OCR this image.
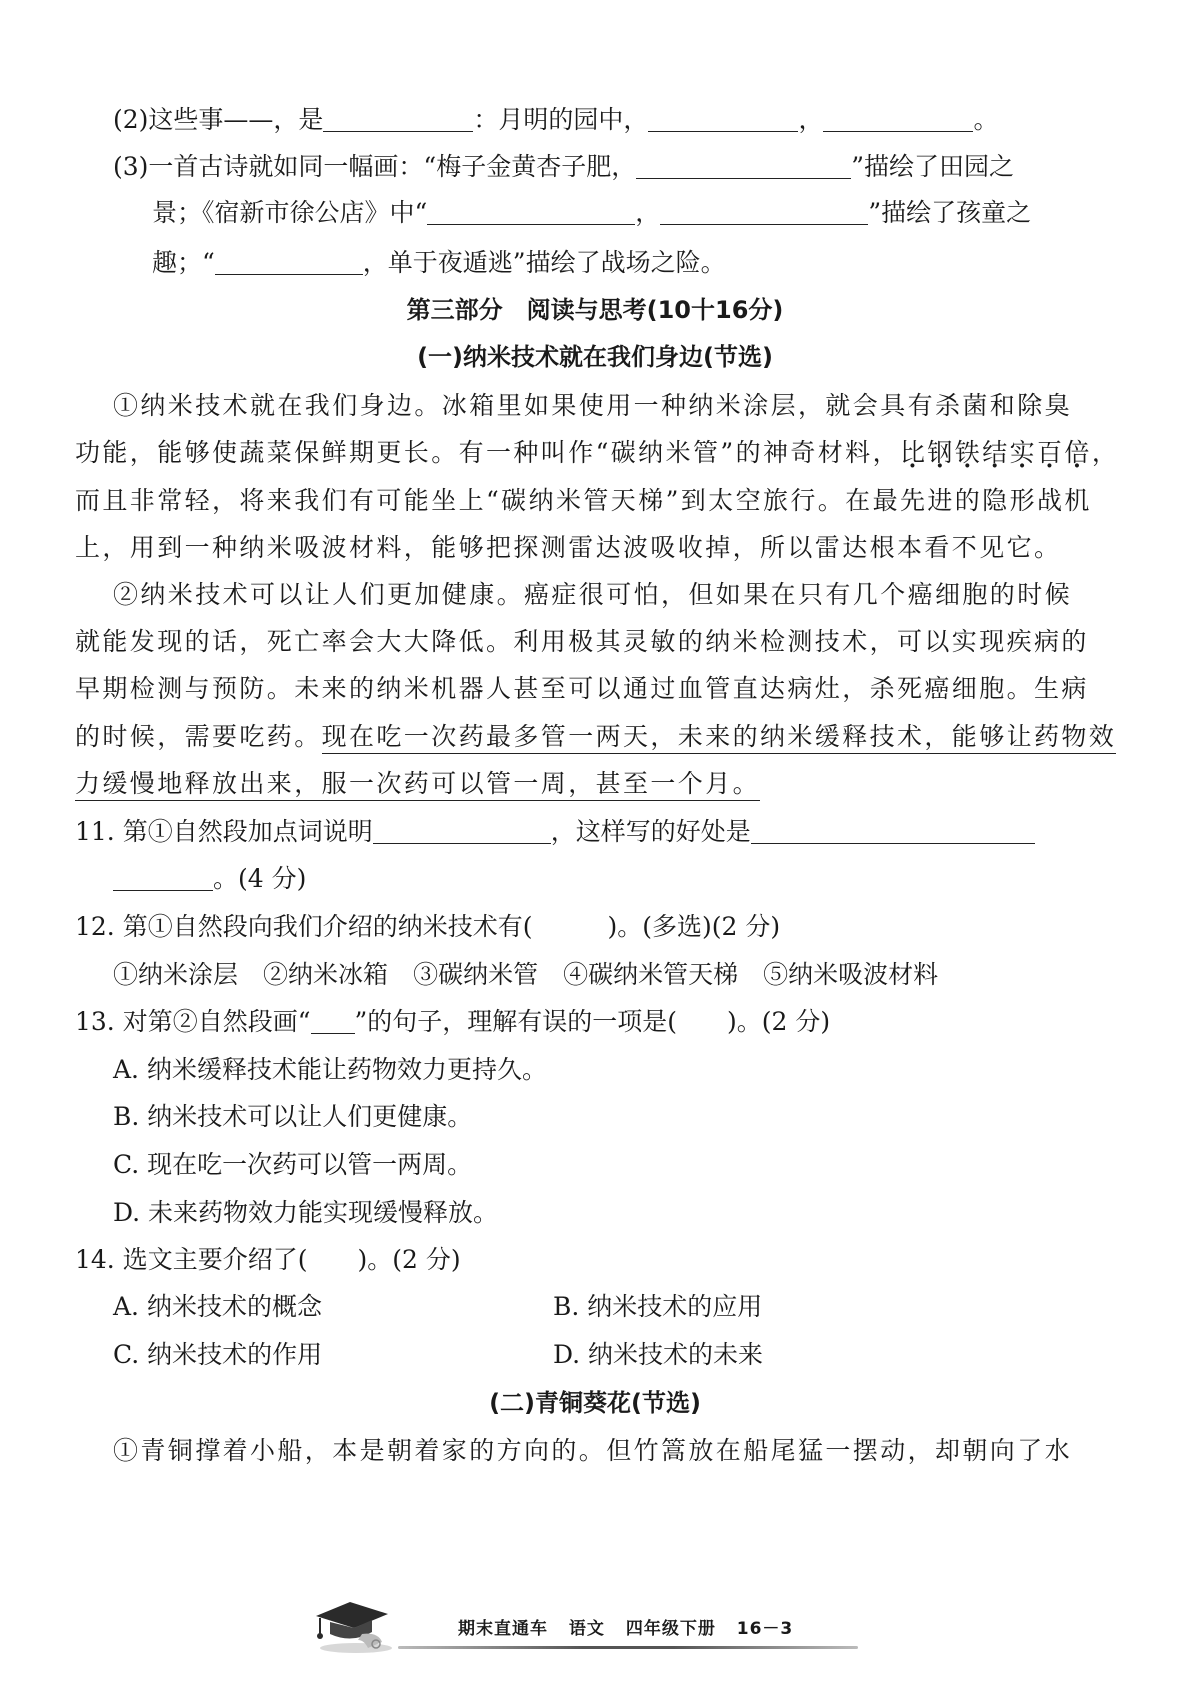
(2)这些事——，是	：月明的园中，	，	。
(3)一首古诗就如同一幅画：“梅子金黄杏子肥，	”描绘了田园之
景；《宿新市徐公店》中“	，	”描绘了孩童之
趣；“	，单于夜遁逃”描绘了战场之险。
第三部分　阅读与思考(10十16分)
(一)纳米技术就在我们身边(节选)
①纳米技术就在我们身边。冰箱里如果使用一种纳米涂层，就会具有杀菌和除臭
功能，能够使蔬菜保鲜期更长。有一种叫作“碳纳米管”的神奇材料，比钢铁结实百倍，
而且非常轻，将来我们有可能坐上“碳纳米管天梯”到太空旅行。在最先进的隐形战机
上，用到一种纳米吸波材料，能够把探测雷达波吸收掉，所以雷达根本看不见它。
②纳米技术可以让人们更加健康。癌症很可怕，但如果在只有几个癌细胞的时候
就能发现的话，死亡率会大大降低。利用极其灵敏的纳米检测技术，可以实现疾病的
早期检测与预防。未来的纳米机器人甚至可以通过血管直达病灶，杀死癌细胞。生病
的时候，需要吃药。现在吃一次药最多管一两天，未来的纳米缓释技术，能够让药物效
力缓慢地释放出来，服一次药可以管一周，甚至一个月。
11. 第①自然段加点词说明	，这样写的好处是
。(4 分)
12. 第①自然段向我们介绍的纳米技术有(　　　)。(多选)(2 分)
①纳米涂层　 ②纳米冰箱　 ③碳纳米管　 ④碳纳米管天梯　 ⑤纳米吸波材料
13. 对第②自然段画“ ”的句子，理解有误的一项是(　　)。(2 分)
A. 纳米缓释技术能让药物效力更持久。
B. 纳米技术可以让人们更健康。
C. 现在吃一次药可以管一两周。
D. 未来药物效力能实现缓慢释放。
14. 选文主要介绍了(　　)。(2 分)
A. 纳米技术的概念	B. 纳米技术的应用
C. 纳米技术的作用	D. 纳米技术的未来
(二)青铜葵花(节选)
①青铜撑着小船，本是朝着家的方向的。但竹篙放在船尾猛一摆动，却朝向了水
期末直通车 语文 四年级下册 16－3
